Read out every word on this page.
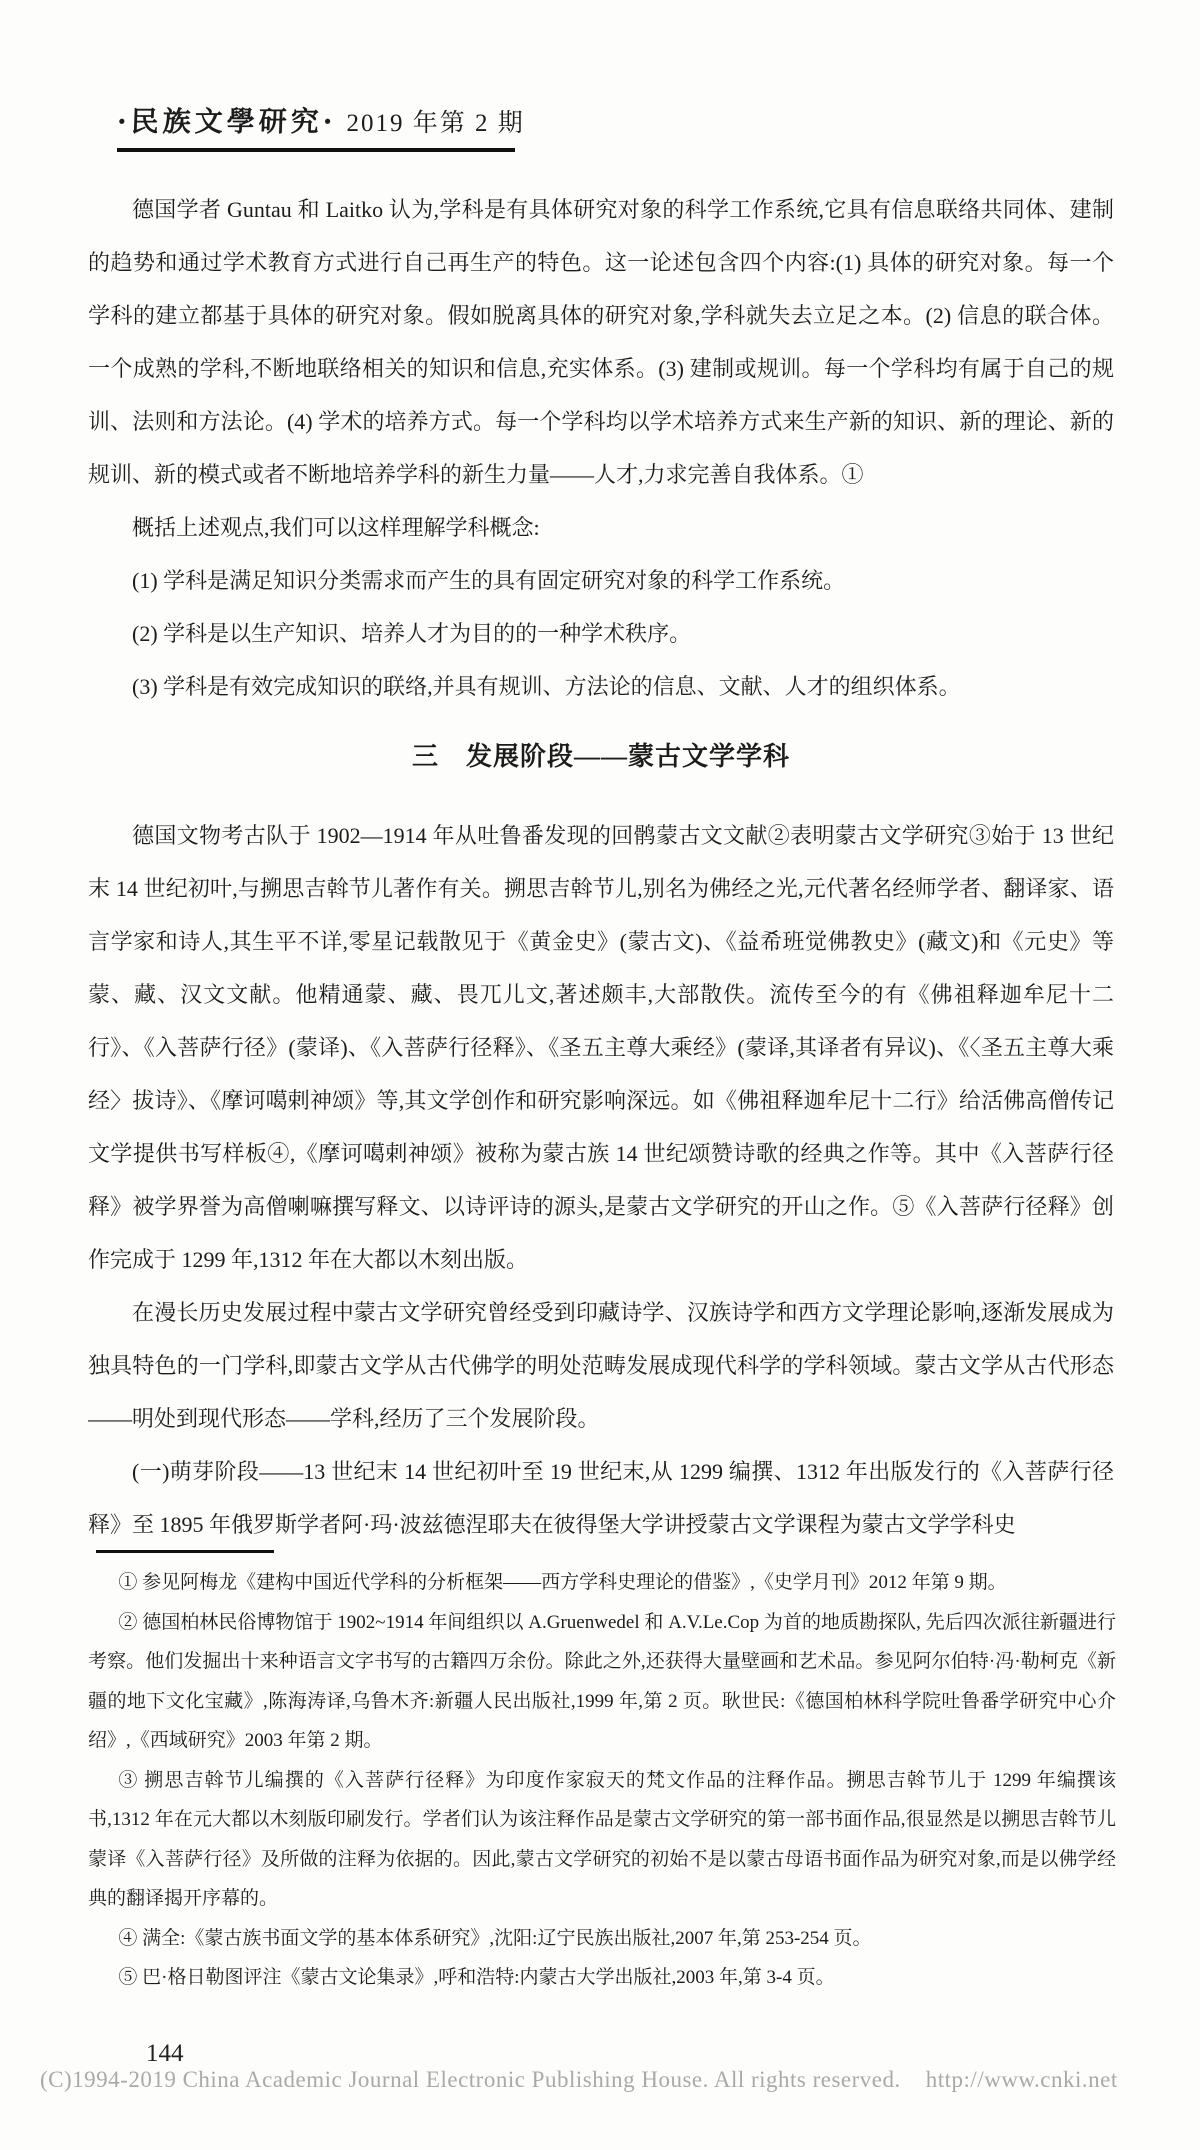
·民族文學研究· 2019 年第 2 期

德国学者 Guntau 和 Laitko 认为,学科是有具体研究对象的科学工作系统,它具有信息联络共同体、建制的趋势和通过学术教育方式进行自己再生产的特色。这一论述包含四个内容:(1) 具体的研究对象。每一个学科的建立都基于具体的研究对象。假如脱离具体的研究对象,学科就失去立足之本。(2) 信息的联合体。一个成熟的学科,不断地联络相关的知识和信息,充实体系。(3) 建制或规训。每一个学科均有属于自己的规训、法则和方法论。(4) 学术的培养方式。每一个学科均以学术培养方式来生产新的知识、新的理论、新的规训、新的模式或者不断地培养学科的新生力量——人才,力求完善自我体系。①

概括上述观点,我们可以这样理解学科概念:

(1) 学科是满足知识分类需求而产生的具有固定研究对象的科学工作系统。

(2) 学科是以生产知识、培养人才为目的的一种学术秩序。

(3) 学科是有效完成知识的联络,并具有规训、方法论的信息、文献、人才的组织体系。

三　发展阶段——蒙古文学学科

德国文物考古队于 1902—1914 年从吐鲁番发现的回鹘蒙古文文献②表明蒙古文学研究③始于 13 世纪末 14 世纪初叶,与搠思吉斡节儿著作有关。搠思吉斡节儿,别名为佛经之光,元代著名经师学者、翻译家、语言学家和诗人,其生平不详,零星记载散见于《黄金史》(蒙古文)、《益希班觉佛教史》(藏文)和《元史》等蒙、藏、汉文文献。他精通蒙、藏、畏兀儿文,著述颇丰,大部散佚。流传至今的有《佛祖释迦牟尼十二行》、《入菩萨行径》(蒙译)、《入菩萨行径释》、《圣五主尊大乘经》(蒙译,其译者有异议)、《〈圣五主尊大乘经〉拔诗》、《摩诃噶剌神颂》等,其文学创作和研究影响深远。如《佛祖释迦牟尼十二行》给活佛高僧传记文学提供书写样板④,《摩诃噶剌神颂》被称为蒙古族 14 世纪颂赞诗歌的经典之作等。其中《入菩萨行径释》被学界誉为高僧喇嘛撰写释文、以诗评诗的源头,是蒙古文学研究的开山之作。⑤《入菩萨行径释》创作完成于 1299 年,1312 年在大都以木刻出版。

在漫长历史发展过程中蒙古文学研究曾经受到印藏诗学、汉族诗学和西方文学理论影响,逐渐发展成为独具特色的一门学科,即蒙古文学从古代佛学的明处范畴发展成现代科学的学科领域。蒙古文学从古代形态——明处到现代形态——学科,经历了三个发展阶段。

(一)萌芽阶段——13 世纪末 14 世纪初叶至 19 世纪末,从 1299 编撰、1312 年出版发行的《入菩萨行径释》至 1895 年俄罗斯学者阿·玛·波兹德涅耶夫在彼得堡大学讲授蒙古文学课程为蒙古文学学科史

① 参见阿梅龙《建构中国近代学科的分析框架——西方学科史理论的借鉴》,《史学月刊》2012 年第 9 期。

② 德国柏林民俗博物馆于 1902~1914 年间组织以 A.Gruenwedel 和 A.V.Le.Cop 为首的地质勘探队, 先后四次派往新疆进行考察。他们发掘出十来种语言文字书写的古籍四万余份。除此之外,还获得大量壁画和艺术品。参见阿尔伯特·冯·勒柯克《新疆的地下文化宝藏》,陈海涛译,乌鲁木齐:新疆人民出版社,1999 年,第 2 页。耿世民:《德国柏林科学院吐鲁番学研究中心介绍》,《西域研究》2003 年第 2 期。

③ 搠思吉斡节儿编撰的《入菩萨行径释》为印度作家寂天的梵文作品的注释作品。搠思吉斡节儿于 1299 年编撰该书,1312 年在元大都以木刻版印刷发行。学者们认为该注释作品是蒙古文学研究的第一部书面作品,很显然是以搠思吉斡节儿蒙译《入菩萨行径》及所做的注释为依据的。因此,蒙古文学研究的初始不是以蒙古母语书面作品为研究对象,而是以佛学经典的翻译揭开序幕的。

④ 满全:《蒙古族书面文学的基本体系研究》,沈阳:辽宁民族出版社,2007 年,第 253-254 页。

⑤ 巴·格日勒图评注《蒙古文论集录》,呼和浩特:内蒙古大学出版社,2003 年,第 3-4 页。

144
(C)1994-2019 China Academic Journal Electronic Publishing House. All rights reserved.    http://www.cnki.net
